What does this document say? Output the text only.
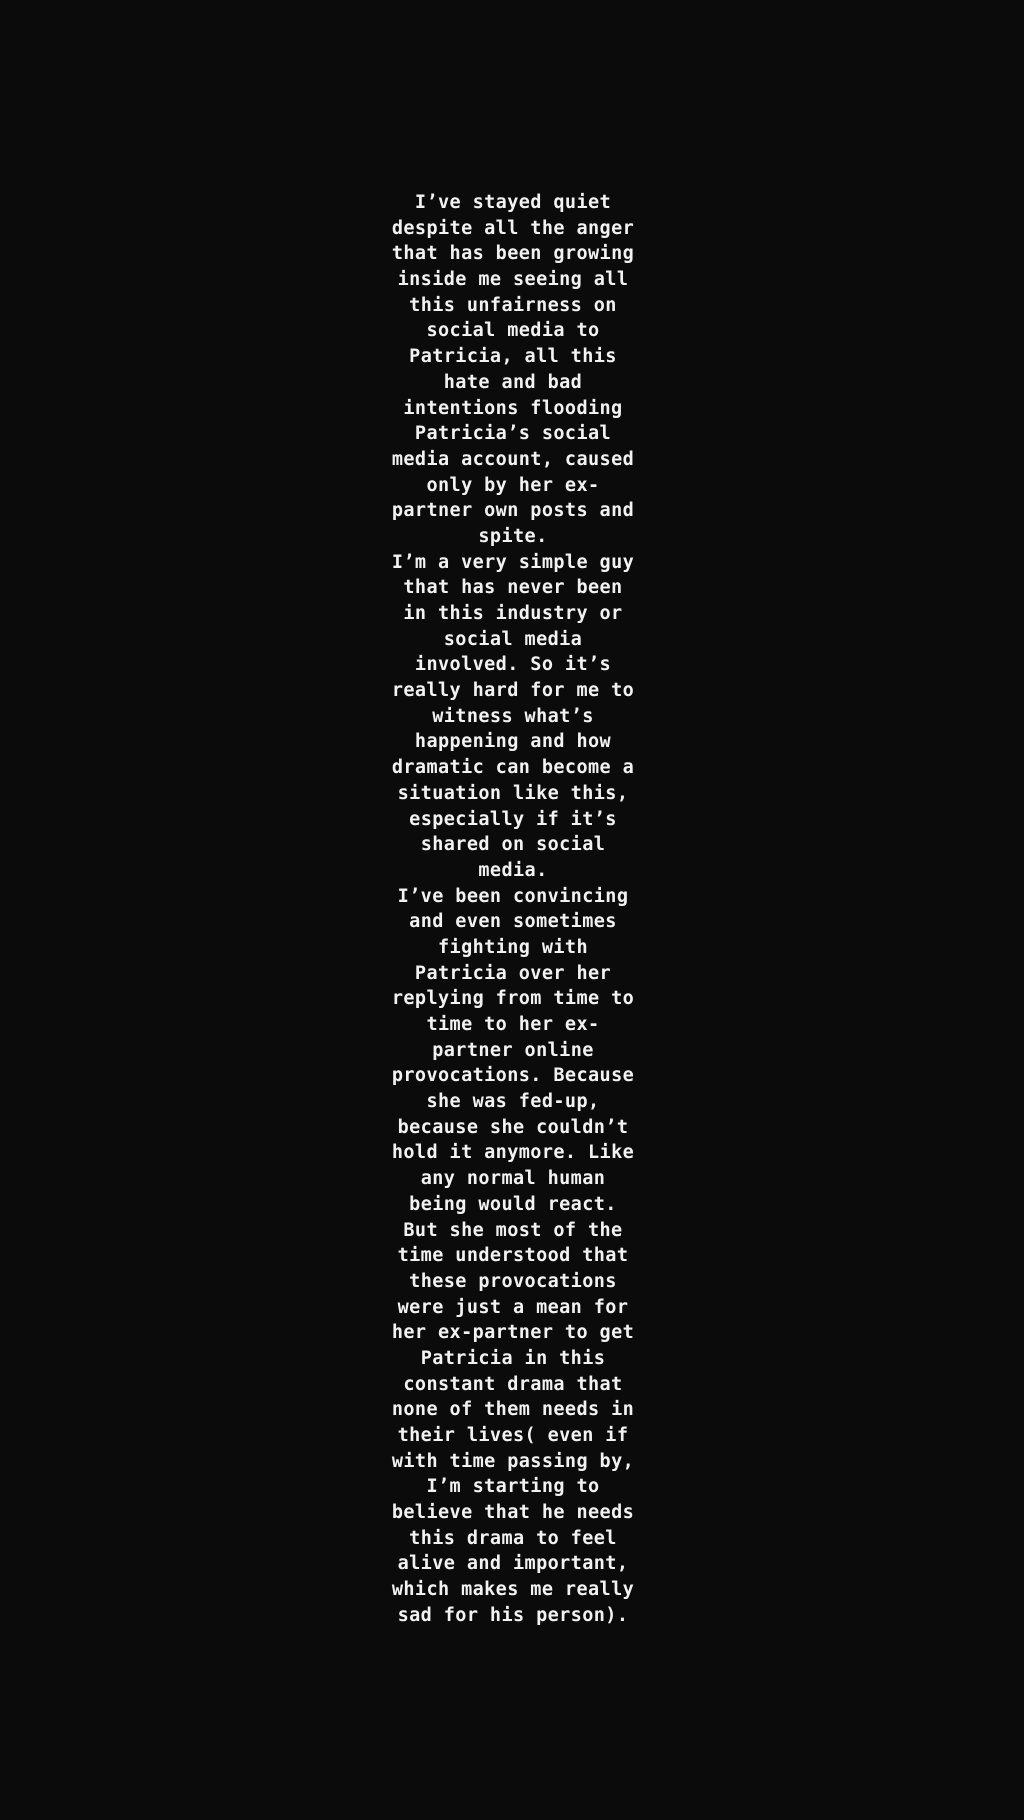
I’ve stayed quiet
despite all the anger
that has been growing
inside me seeing all
this unfairness on
social media to
Patricia, all this
hate and bad
intentions flooding
Patricia’s social
media account, caused
only by her ex-
partner own posts and
spite.
I’m a very simple guy
that has never been
in this industry or
social media
involved. So it’s
really hard for me to
witness what’s
happening and how
dramatic can become a
situation like this,
especially if it’s
shared on social
media.
I’ve been convincing
and even sometimes
fighting with
Patricia over her
replying from time to
time to her ex-
partner online
provocations. Because
she was fed-up,
because she couldn’t
hold it anymore. Like
any normal human
being would react.
But she most of the
time understood that
these provocations
were just a mean for
her ex-partner to get
Patricia in this
constant drama that
none of them needs in
their lives( even if
with time passing by,
I’m starting to
believe that he needs
this drama to feel
alive and important,
which makes me really
sad for his person).
